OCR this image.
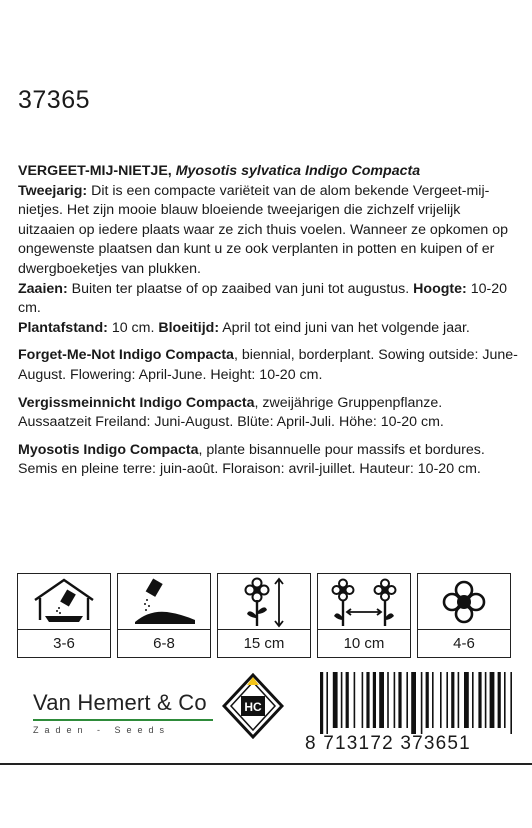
37365

VERGEET-MIJ-NIETJE, Myosotis sylvatica Indigo Compacta
Tweejarig: Dit is een compacte variëteit van de alom bekende Vergeet-mij-nietjes. Het zijn mooie blauw bloeiende tweejarigen die zichzelf vrijelijk uitzaaien op iedere plaats waar ze zich thuis voelen. Wanneer ze opkomen op ongewenste plaatsen dan kunt u ze ook verplanten in potten en kuipen of er dwergboeketjes van plukken.
Zaaien: Buiten ter plaatse of op zaaibed van juni tot augustus. Hoogte: 10-20 cm.
Plantafstand: 10 cm. Bloeitijd: April tot eind juni van het volgende jaar.

Forget-Me-Not Indigo Compacta, biennial, borderplant. Sowing outside: June-August. Flowering: April-June. Height: 10-20 cm.

Vergissmeinnicht Indigo Compacta, zweijährige Gruppenpflanze. Aussaatzeit Freiland: Juni-August. Blüte: April-Juli. Höhe: 10-20 cm.

Myosotis Indigo Compacta, plante bisannuelle pour massifs et bordures. Semis en pleine terre: juin-août. Floraison: avril-juillet. Hauteur: 10-20 cm.

3-6	6-8	15 cm	10 cm	4-6
Van Hemert & Co
Zaden - Seeds
HC
8 713172 373651
